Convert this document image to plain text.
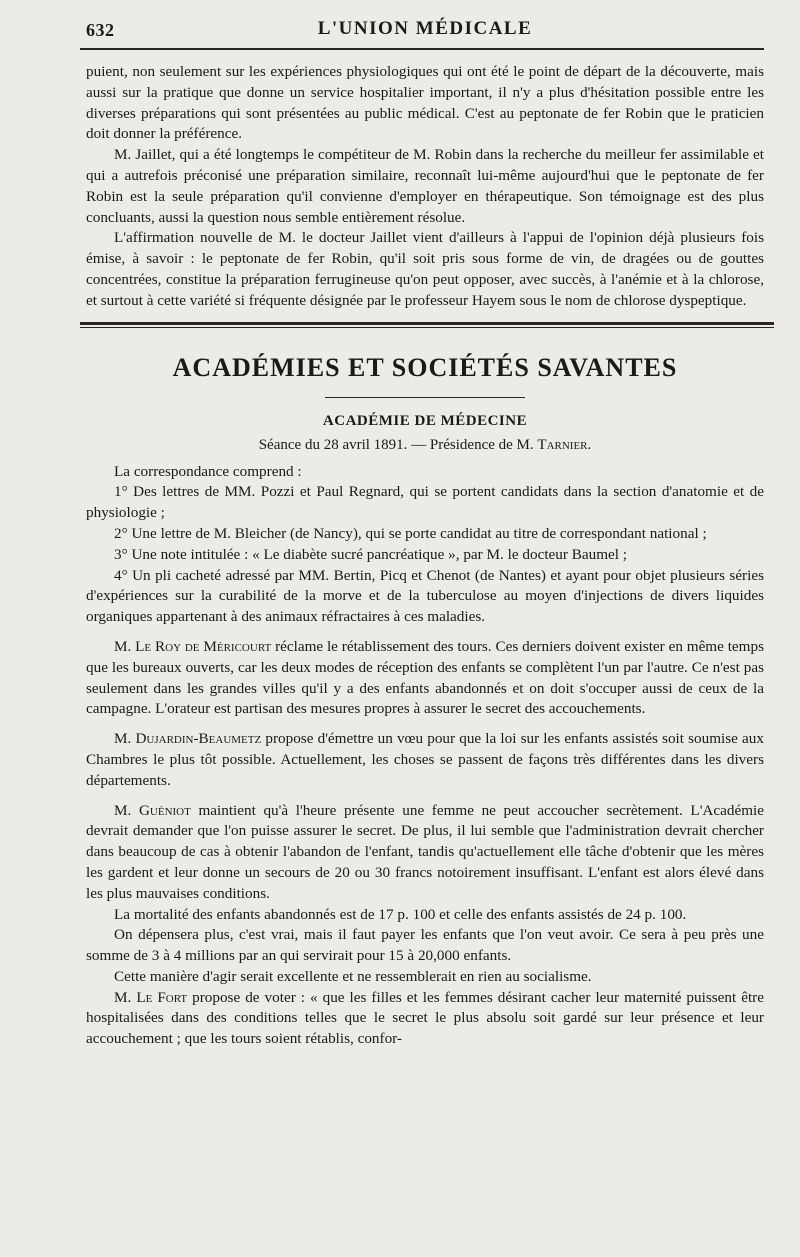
632	L'UNION MÉDICALE

puient, non seulement sur les expériences physiologiques qui ont été le point de départ de la découverte, mais aussi sur la pratique que donne un service hospitalier important, il n'y a plus d'hésitation possible entre les diverses préparations qui sont présentées au public médical. C'est au peptonate de fer Robin que le praticien doit donner la préférence.

M. Jaillet, qui a été longtemps le compétiteur de M. Robin dans la recherche du meilleur fer assimilable et qui a autrefois préconisé une préparation similaire, reconnaît lui-même aujourd'hui que le peptonate de fer Robin est la seule préparation qu'il convienne d'employer en thérapeutique. Son témoignage est des plus concluants, aussi la question nous semble entièrement résolue.

L'affirmation nouvelle de M. le docteur Jaillet vient d'ailleurs à l'appui de l'opinion déjà plusieurs fois émise, à savoir : le peptonate de fer Robin, qu'il soit pris sous forme de vin, de dragées ou de gouttes concentrées, constitue la préparation ferrugineuse qu'on peut opposer, avec succès, à l'anémie et à la chlorose, et surtout à cette variété si fréquente désignée par le professeur Hayem sous le nom de chlorose dyspeptique.

ACADÉMIES ET SOCIÉTÉS SAVANTES
ACADÉMIE DE MÉDECINE
Séance du 28 avril 1891. — Présidence de M. Tarnier.

La correspondance comprend :

1° Des lettres de MM. Pozzi et Paul Regnard, qui se portent candidats dans la section d'anatomie et de physiologie ;

2° Une lettre de M. Bleicher (de Nancy), qui se porte candidat au titre de correspondant national ;

3° Une note intitulée : « Le diabète sucré pancréatique », par M. le docteur Baumel ;

4° Un pli cacheté adressé par MM. Bertin, Picq et Chenot (de Nantes) et ayant pour objet plusieurs séries d'expériences sur la curabilité de la morve et de la tuberculose au moyen d'injections de divers liquides organiques appartenant à des animaux réfractaires à ces maladies.

M. Le Roy de Méricourt réclame le rétablissement des tours. Ces derniers doivent exister en même temps que les bureaux ouverts, car les deux modes de réception des enfants se complètent l'un par l'autre. Ce n'est pas seulement dans les grandes villes qu'il y a des enfants abandonnés et on doit s'occuper aussi de ceux de la campagne. L'orateur est partisan des mesures propres à assurer le secret des accouchements.

M. Dujardin-Beaumetz propose d'émettre un vœu pour que la loi sur les enfants assistés soit soumise aux Chambres le plus tôt possible. Actuellement, les choses se passent de façons très différentes dans les divers départements.

M. Guéniot maintient qu'à l'heure présente une femme ne peut accoucher secrètement. L'Académie devrait demander que l'on puisse assurer le secret. De plus, il lui semble que l'administration devrait chercher dans beaucoup de cas à obtenir l'abandon de l'enfant, tandis qu'actuellement elle tâche d'obtenir que les mères les gardent et leur donne un secours de 20 ou 30 francs notoirement insuffisant. L'enfant est alors élevé dans les plus mauvaises conditions.

La mortalité des enfants abandonnés est de 17 p. 100 et celle des enfants assistés de 24 p. 100.

On dépensera plus, c'est vrai, mais il faut payer les enfants que l'on veut avoir. Ce sera à peu près une somme de 3 à 4 millions par an qui servirait pour 15 à 20,000 enfants.

Cette manière d'agir serait excellente et ne ressemblerait en rien au socialisme.

M. Le Fort propose de voter : « que les filles et les femmes désirant cacher leur maternité puissent être hospitalisées dans des conditions telles que le secret le plus absolu soit gardé sur leur présence et leur accouchement ; que les tours soient rétablis, confor-
